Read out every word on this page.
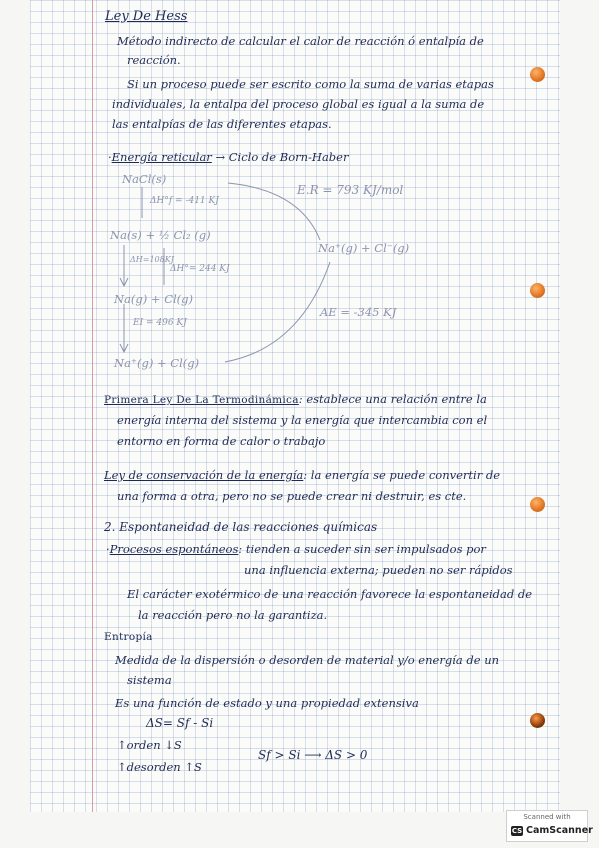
Ley De Hess
Método indirecto de calcular el calor de reacción ó entalpía de
reacción.
Si un proceso puede ser escrito como la suma de varias etapas
individuales, la entalpa del proceso global es igual a la suma de
las entalpías de las diferentes etapas.
·Energía reticular → Ciclo de Born-Haber
NaCl(s)
ΔH°f = -411 KJ
Na(s) + ½ Cl₂ (g)
ΔH=108KJ
ΔH°= 244 KJ
Na(g) + Cl(g)
EI = 496 KJ
Na⁺(g) + Cl(g)
E.R = 793 KJ/mol
Na⁺(g) + Cl⁻(g)
AE = -345 KJ
Primera Ley De La Termodinámica: establece una relación entre la
energía interna del sistema y la energía que intercambia con el
entorno en forma de calor o trabajo
Ley de conservación de la energía: la energía se puede convertir de
una forma a otra, pero no se puede crear ni destruir, es cte.
2. Espontaneidad de las reacciones químicas
·Procesos espontáneos: tienden a suceder sin ser impulsados por
una influencia externa; pueden no ser rápidos
El carácter exotérmico de una reacción favorece la espontaneidad de
la reacción pero no la garantiza.
Entropía
Medida de la dispersión o desorden de material y/o energía de un
sistema
Es una función de estado y una propiedad extensiva
ΔS= Sf - Si
↑orden ↓S
↑desorden ↑S
Sf > Si ⟶ ΔS > 0
Scanned with
CS CamScanner
